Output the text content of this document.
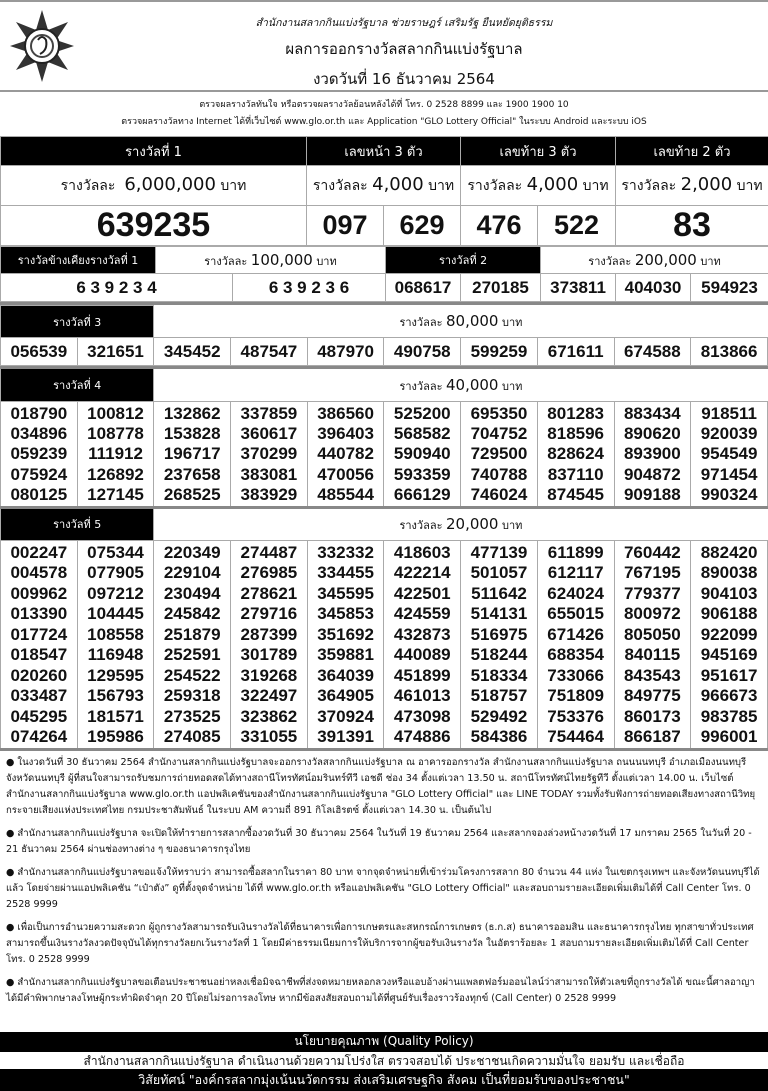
สำนักงานสลากกินแบ่งรัฐบาล ช่วยราษฎร์ เสริมรัฐ ยืนหยัดยุติธรรม
ผลการออกรางวัลสลากกินแบ่งรัฐบาล
งวดวันที่ 16 ธันวาคม 2564
ตรวจผลรางวัลทันใจ หรือตรวจผลรางวัลย้อนหลังได้ที่ โทร. 0 2528 8899 และ 1900 1900 10
ตรวจผลรางวัลทาง Internet ได้ที่เว็บไซต์ www.glo.or.th และ Application "GLO Lottery Official" ในระบบ Android และระบบ iOS
รางวัลที่ 1	เลขหน้า 3 ตัว		เลขท้าย 3 ตัว		เลขท้าย 2 ตัว
รางวัลละ 6,000,000 บาท	รางวัลละ 4,000 บาท		รางวัลละ 4,000 บาท		รางวัลละ 2,000 บาท
639235	097	629	476	522	83
รางวัลข้างเคียงรางวัลที่ 1	รางวัลละ 100,000 บาท		รางวัลที่ 2		รางวัลละ 200,000 บาท		
6 3 9 2 3 4		6 3 9 2 3 6	068617	270185	373811	404030	594923
รางวัลที่ 3		รางวัลละ 80,000 บาท							
056539	321651	345452	487547	487970	490758	599259	671611	674588	813866
รางวัลที่ 4		รางวัลละ 40,000 บาท							
018790	100812	132862	337859	386560	525200	695350	801283	883434	918511
034896	108778	153828	360617	396403	568582	704752	818596	890620	920039
059239	111912	196717	370299	440782	590940	729500	828624	893900	954549
075924	126892	237658	383081	470056	593359	740788	837110	904872	971454
080125	127145	268525	383929	485544	666129	746024	874545	909188	990324
รางวัลที่ 5		รางวัลละ 20,000 บาท							
002247	075344	220349	274487	332332	418603	477139	611899	760442	882420
004578	077905	229104	276985	334455	422214	501057	612117	767195	890038
009962	097212	230494	278621	345595	422501	511642	624024	779377	904103
013390	104445	245842	279716	345853	424559	514131	655015	800972	906188
017724	108558	251879	287399	351692	432873	516975	671426	805050	922099
018547	116948	252591	301789	359881	440089	518244	688354	840115	945169
020260	129595	254522	319268	364039	451899	518334	733066	843543	951617
033487	156793	259318	322497	364905	461013	518757	751809	849775	966673
045295	181571	273525	323862	370924	473098	529492	753376	860173	983785
074264	195986	274085	331055	391391	474886	584386	754464	866187	996001
● ในงวดวันที่ 30 ธันวาคม 2564 สำนักงานสลากกินแบ่งรัฐบาลจะออกรางวัลสลากกินแบ่งรัฐบาล ณ อาคารออกรางวัล สำนักงานสลากกินแบ่งรัฐบาล ถนนนนทบุรี อำเภอเมืองนนทบุรี จังหวัดนนทบุรี ผู้ที่สนใจสามารถรับชมการถ่ายทอดสดได้ทางสถานีโทรทัศน์อมรินทร์ทีวี เอชดี ช่อง 34 ตั้งแต่เวลา 13.50 น. สถานีโทรทัศน์ไทยรัฐทีวี ตั้งแต่เวลา 14.00 น. เว็บไซต์สำนักงานสลากกินแบ่งรัฐบาล www.glo.or.th แอปพลิเคชันของสำนักงานสลากกินแบ่งรัฐบาล "GLO Lottery Official" และ LINE TODAY รวมทั้งรับฟังการถ่ายทอดเสียงทางสถานีวิทยุกระจายเสียงแห่งประเทศไทย กรมประชาสัมพันธ์ ในระบบ AM ความถี่ 891 กิโลเฮิรตซ์ ตั้งแต่เวลา 14.30 น. เป็นต้นไป
● สำนักงานสลากกินแบ่งรัฐบาล จะเปิดให้ทำรายการสลากซื้องวดวันที่ 30 ธันวาคม 2564 ในวันที่ 19 ธันวาคม 2564 และสลากจองล่วงหน้างวดวันที่ 17 มกราคม 2565 ในวันที่ 20 - 21 ธันวาคม 2564 ผ่านช่องทางต่าง ๆ ของธนาคารกรุงไทย
● สำนักงานสลากกินแบ่งรัฐบาลขอแจ้งให้ทราบว่า สามารถซื้อสลากในราคา 80 บาท จากจุดจำหน่ายที่เข้าร่วมโครงการสลาก 80 จำนวน 44 แห่ง ในเขตกรุงเทพฯ และจังหวัดนนทบุรีได้แล้ว โดยจ่ายผ่านแอปพลิเคชัน “เป๋าตัง” ดูที่ตั้งจุดจำหน่าย ได้ที่ www.glo.or.th หรือแอปพลิเคชัน "GLO Lottery Official" และสอบถามรายละเอียดเพิ่มเติมได้ที่ Call Center โทร. 0 2528 9999
● เพื่อเป็นการอำนวยความสะดวก ผู้ถูกรางวัลสามารถรับเงินรางวัลได้ที่ธนาคารเพื่อการเกษตรและสหกรณ์การเกษตร (ธ.ก.ส) ธนาคารออมสิน และธนาคารกรุงไทย ทุกสาขาทั่วประเทศ สามารถขึ้นเงินรางวัลงวดปัจจุบันได้ทุกรางวัลยกเว้นรางวัลที่ 1 โดยมีค่าธรรมเนียมการให้บริการจากผู้ขอรับเงินรางวัล ในอัตราร้อยละ 1 สอบถามรายละเอียดเพิ่มเติมได้ที่ Call Center โทร. 0 2528 9999
● สำนักงานสลากกินแบ่งรัฐบาลขอเตือนประชาชนอย่าหลงเชื่อมิจฉาชีพที่ส่งจดหมายหลอกลวงหรือแอบอ้างผ่านแพลตฟอร์มออนไลน์ว่าสามารถให้ตัวเลขที่ถูกรางวัลได้ ขณะนี้ศาลอาญาได้มีคำพิพากษาลงโทษผู้กระทำผิดจำคุก 20 ปีโดยไม่รอการลงโทษ หากมีข้อสงสัยสอบถามได้ที่ศูนย์รับเรื่องราวร้องทุกข์ (Call Center) 0 2528 9999
นโยบายคุณภาพ (Quality Policy)
สำนักงานสลากกินแบ่งรัฐบาล ดำเนินงานด้วยความโปร่งใส ตรวจสอบได้ ประชาชนเกิดความมั่นใจ ยอมรับ และเชื่อถือ
วิสัยทัศน์ "องค์กรสลากมุ่งเน้นนวัตกรรม ส่งเสริมเศรษฐกิจ สังคม เป็นที่ยอมรับของประชาชน"
